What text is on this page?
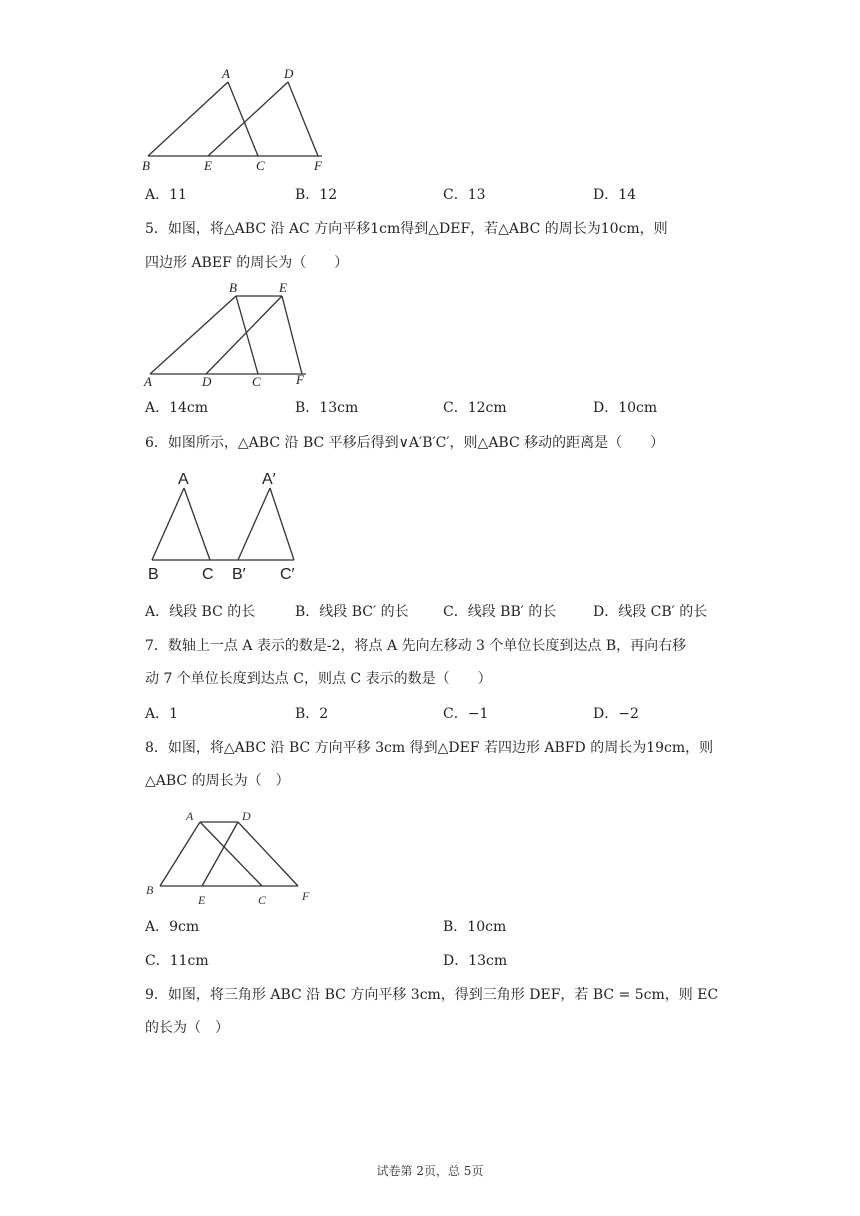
A	D
B	E	C	F
A．11	B．12	C．13	D．14
5．如图，将△ABC 沿 AC 方向平移1cm得到△DEF，若△ABC 的周长为10cm，则
四边形 ABEF 的周长为（　　）
B	E
A	D	C	F
A．14cm	B．13cm	C．12cm	D．10cm
6．如图所示，△ABC 沿 BC 平移后得到∨A′B′C′，则△ABC 移动的距离是（　　）
A	A′
B	C B′ C′
A．线段 BC 的长	B．线段 BC′ 的长 C．线段 BB′ 的长	D．线段 CB′ 的长
7．数轴上一点 A 表示的数是-2，将点 A 先向左移动 3 个单位长度到达点 B，再向右移
动 7 个单位长度到达点 C，则点 C 表示的数是（　　）
A．1	B．2	C．−1	D．−2
8．如图，将△ABC 沿 BC 方向平移 3cm 得到△DEF 若四边形 ABFD 的周长为19cm，则
△ABC 的周长为（　）
A	D
B
E	C	F
A．9cm	B．10cm
C．11cm	D．13cm
9．如图，将三角形 ABC 沿 BC 方向平移 3cm，得到三角形 DEF，若 BC = 5cm，则 EC
的长为（　）
试卷第 2页，总 5页
